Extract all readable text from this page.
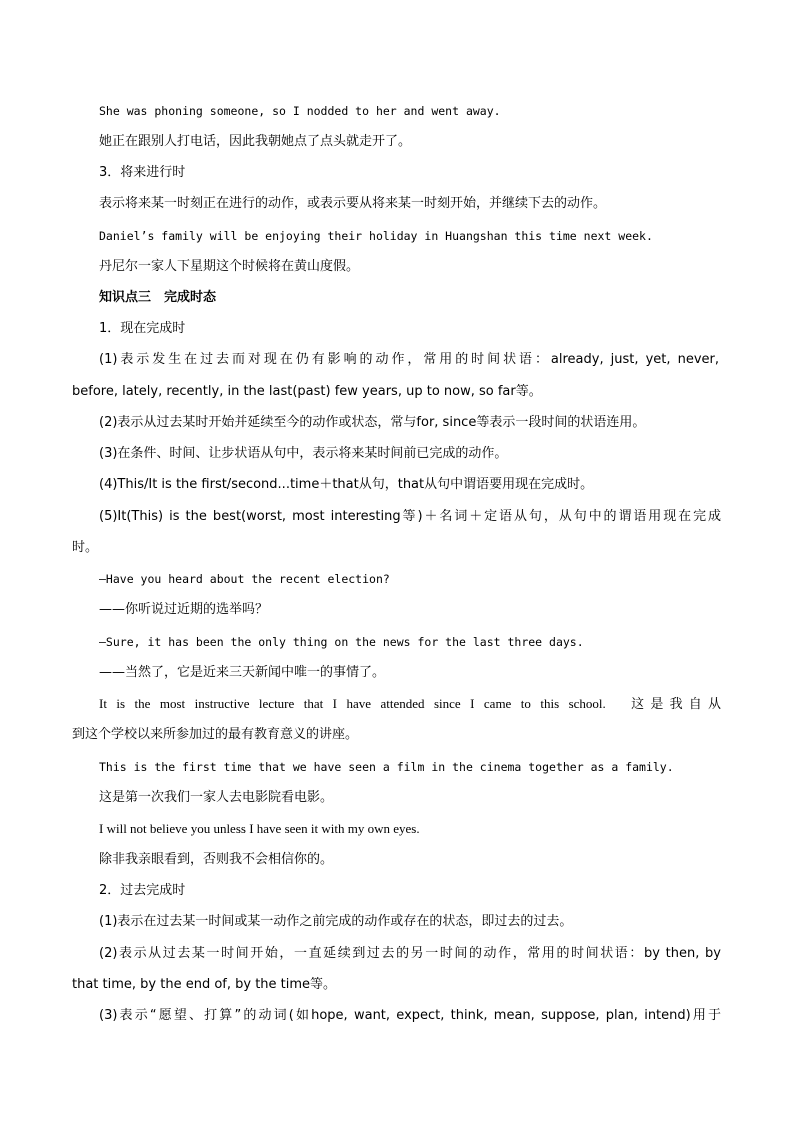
She was phoning someone, so I nodded to her and went away.
她正在跟别人打电话，因此我朝她点了点头就走开了。
3．将来进行时
表示将来某一时刻正在进行的动作，或表示要从将来某一时刻开始，并继续下去的动作。
Daniel’s family will be enjoying their holiday in Huangshan this time next week.
丹尼尔一家人下星期这个时候将在黄山度假。
知识点三　完成时态
1．现在完成时
(1)表示发生在过去而对现在仍有影响的动作，常用的时间状语：already, just, yet, never,
before, lately, recently, in the last(past) few years, up to now, so far等。
(2)表示从过去某时开始并延续至今的动作或状态，常与for, since等表示一段时间的状语连用。
(3)在条件、时间、让步状语从句中，表示将来某时间前已完成的动作。
(4)This/It is the first/second...time＋that从句，that从句中谓语要用现在完成时。
(5)It(This) is the best(worst, most interesting等)＋名词＋定语从句，从句中的谓语用现在完成
时。
—Have you heard about the recent election?
——你听说过近期的选举吗？
—Sure, it has been the only thing on the news for the last three days.
——当然了，它是近来三天新闻中唯一的事情了。
It is the most instructive lecture that I have attended since I came to this school.　这是我自从
到这个学校以来所参加过的最有教育意义的讲座。
This is the first time that we have seen a film in the cinema together as a family.
这是第一次我们一家人去电影院看电影。
I will not believe you unless I have seen it with my own eyes.
除非我亲眼看到，否则我不会相信你的。
2．过去完成时
(1)表示在过去某一时间或某一动作之前完成的动作或存在的状态，即过去的过去。
(2)表示从过去某一时间开始，一直延续到过去的另一时间的动作，常用的时间状语：by then, by
that time, by the end of, by the time等。
(3)表示“愿望、打算”的动词(如hope, want, expect, think, mean, suppose, plan, intend)用于
